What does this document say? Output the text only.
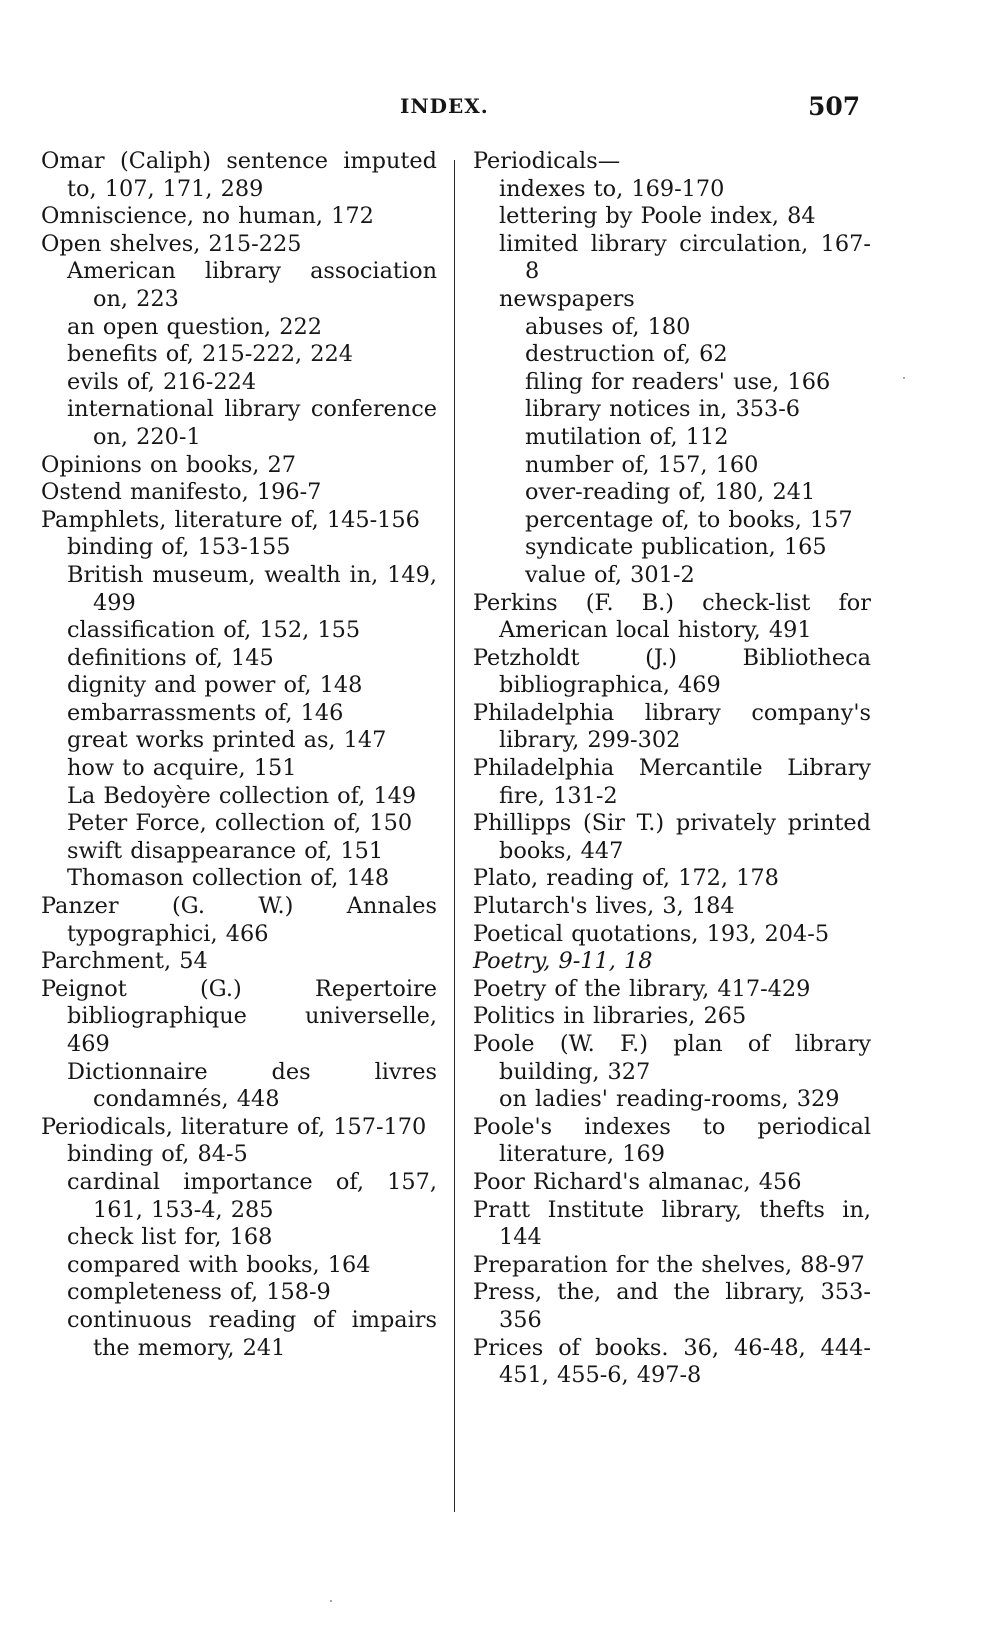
INDEX.	507
Omar (Caliph) sentence imputed to, 107, 171, 289
Omniscience, no human, 172
Open shelves, 215-225
American library association on, 223
an open question, 222
benefits of, 215-222, 224
evils of, 216-224
international library conference on, 220-1
Opinions on books, 27
Ostend manifesto, 196-7
Pamphlets, literature of, 145-156
binding of, 153-155
British museum, wealth in, 149, 499
classification of, 152, 155
definitions of, 145
dignity and power of, 148
embarrassments of, 146
great works printed as, 147
how to acquire, 151
La Bedoyère collection of, 149
Peter Force, collection of, 150
swift disappearance of, 151
Thomason collection of, 148
Panzer (G. W.) Annales typographici, 466
Parchment, 54
Peignot (G.) Repertoire bibliographique universelle, 469
Dictionnaire des livres condamnés, 448
Periodicals, literature of, 157-170
binding of, 84-5
cardinal importance of, 157, 161, 153-4, 285
check list for, 168
compared with books, 164
completeness of, 158-9
continuous reading of impairs the memory, 241
Periodicals—
indexes to, 169-170
lettering by Poole index, 84
limited library circulation, 167-8
newspapers
abuses of, 180
destruction of, 62
filing for readers' use, 166
library notices in, 353-6
mutilation of, 112
number of, 157, 160
over-reading of, 180, 241
percentage of, to books, 157
syndicate publication, 165
value of, 301-2
Perkins (F. B.) check-list for American local history, 491
Petzholdt (J.) Bibliotheca bibliographica, 469
Philadelphia library company's library, 299-302
Philadelphia Mercantile Library fire, 131-2
Phillipps (Sir T.) privately printed books, 447
Plato, reading of, 172, 178
Plutarch's lives, 3, 184
Poetical quotations, 193, 204-5
Poetry, 9-11, 18
Poetry of the library, 417-429
Politics in libraries, 265
Poole (W. F.) plan of library building, 327
on ladies' reading-rooms, 329
Poole's indexes to periodical literature, 169
Poor Richard's almanac, 456
Pratt Institute library, thefts in, 144
Preparation for the shelves, 88-97
Press, the, and the library, 353-356
Prices of books. 36, 46-48, 444-451, 455-6, 497-8
